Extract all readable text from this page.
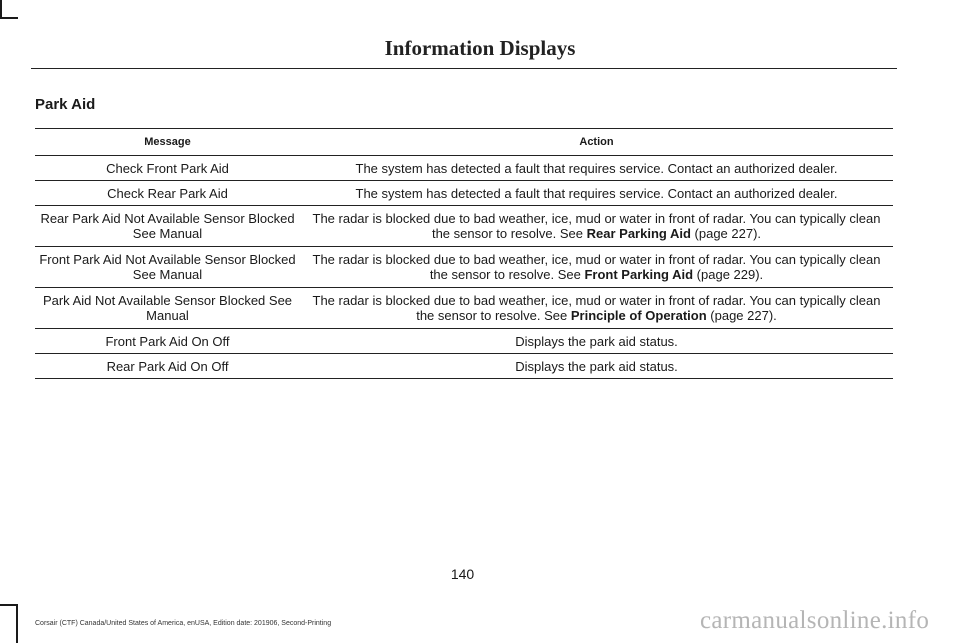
Information Displays
Park Aid
Message	Action
Check Front Park Aid	The system has detected a fault that requires service. Contact an authorized dealer.
Check Rear Park Aid	The system has detected a fault that requires service. Contact an authorized dealer.
Rear Park Aid Not Available Sensor Blocked See Manual	The radar is blocked due to bad weather, ice, mud or water in front of radar. You can typically clean the sensor to resolve. See Rear Parking Aid (page 227).
Front Park Aid Not Available Sensor Blocked See Manual	The radar is blocked due to bad weather, ice, mud or water in front of radar. You can typically clean the sensor to resolve. See Front Parking Aid (page 229).
Park Aid Not Available Sensor Blocked See Manual	The radar is blocked due to bad weather, ice, mud or water in front of radar. You can typically clean the sensor to resolve. See Principle of Operation (page 227).
Front Park Aid On Off	Displays the park aid status.
Rear Park Aid On Off	Displays the park aid status.
140
Corsair (CTF) Canada/United States of America, enUSA, Edition date: 201906, Second-Printing	carmanualsonline.info
